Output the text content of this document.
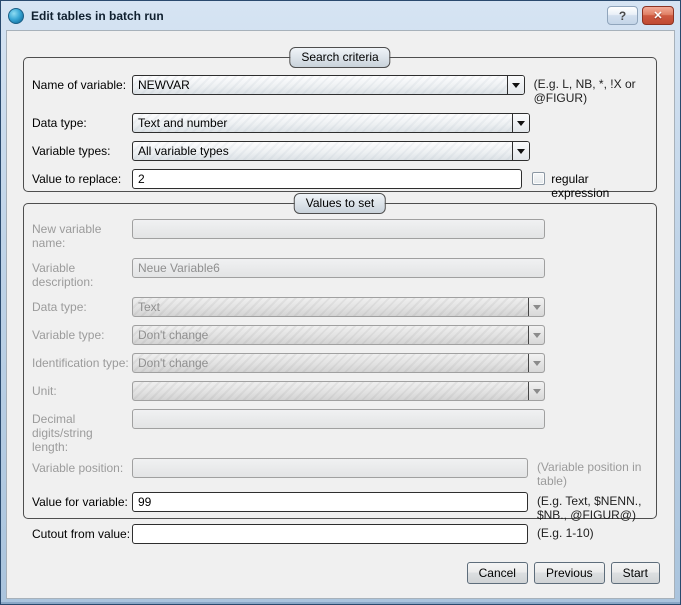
Edit tables in batch run	? ✕
Search criteria
Name of variable: NEWVAR	(E.g. L, NB, *, !X or @FIGUR)
Data type:	Text and number
Variable types:	All variable types
Value to replace:
2	regular expression
Values to set
New variable name:
Variable description:
Neue Variable6
Data type:	Text
Variable type:	Don't change
Identification type: Don't change
Unit:
Decimal digits/string length:
Variable position:	(Variable position in table)
Value for variable:
99	(E.g. Text, $NENN., $NB., @FIGUR@)
Cutout from value:	(E.g. 1-10)
Cancel	Previous	Start
